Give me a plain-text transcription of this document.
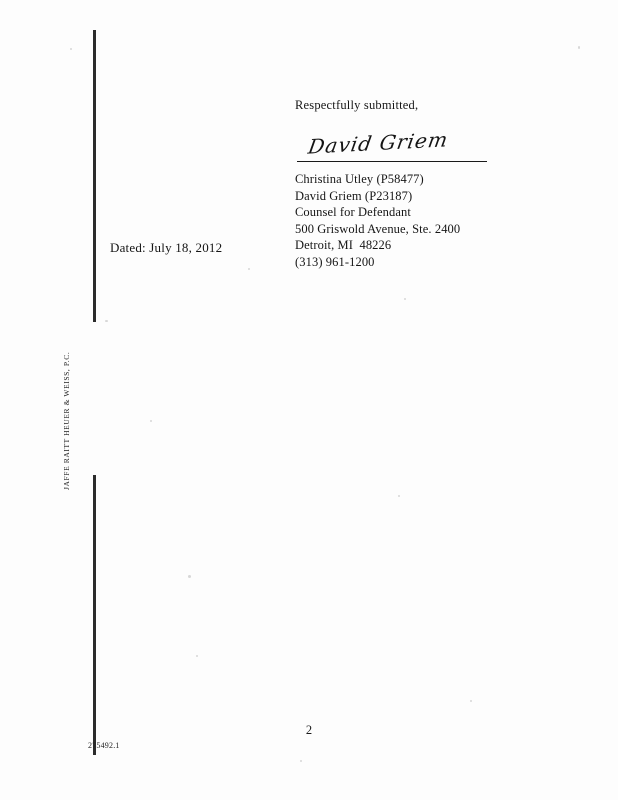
JAFFE RAITT HEUER & WEISS, P.C.
Respectfully submitted,
David Griem
Christina Utley (P58477)
David Griem (P23187)
Counsel for Defendant
500 Griswold Avenue, Ste. 2400
Detroit, MI  48226
(313) 961-1200
Dated: July 18, 2012
2
275492.1
